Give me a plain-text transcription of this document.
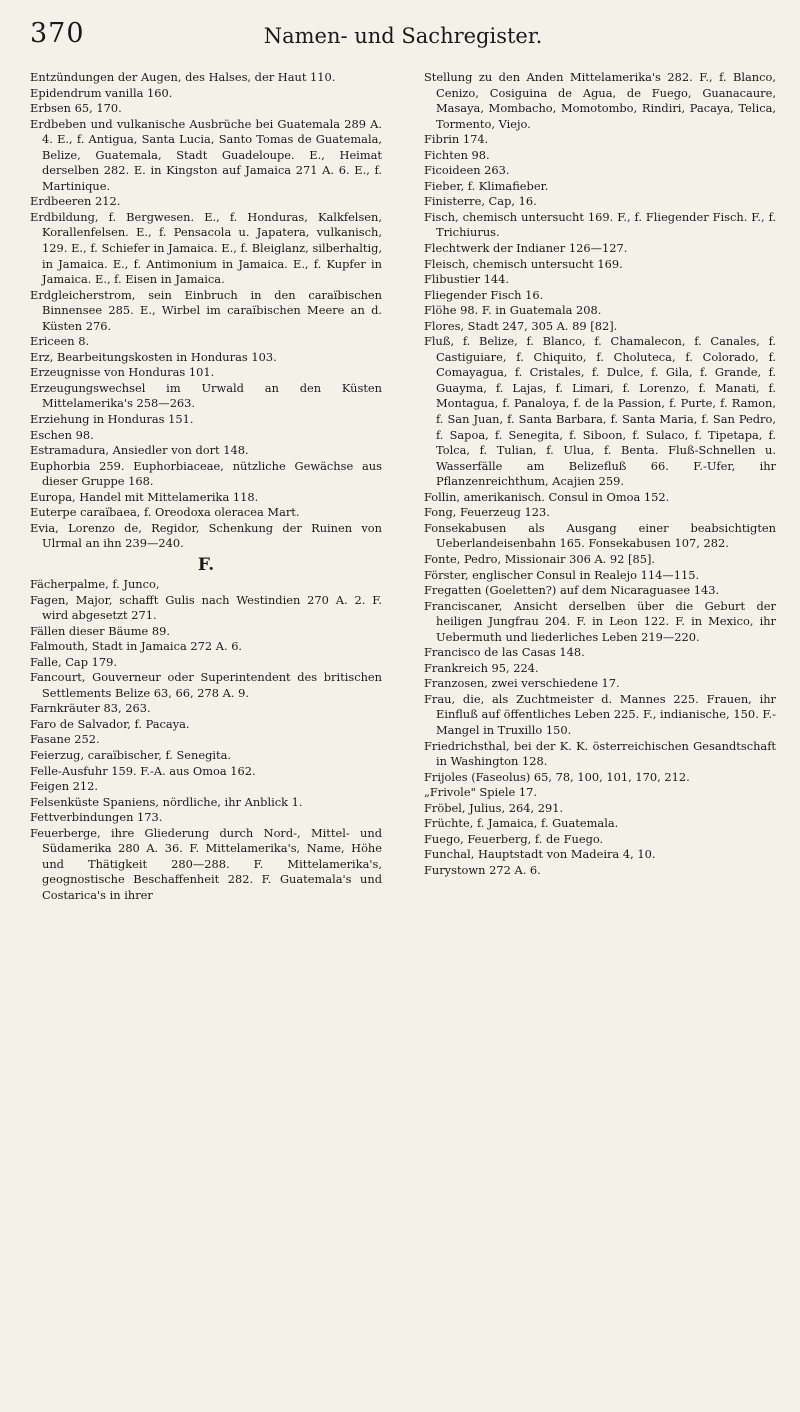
370	Namen- und Sachregister.

Entzündungen der Augen, des Halses, der Haut 110.

Epidendrum vanilla 160.

Erbsen 65, 170.

Erdbeben und vulkanische Ausbrüche bei Guatemala 289 A. 4. E., f. Antigua, Santa Lucia, Santo Tomas de Guatemala, Belize, Guatemala, Stadt Guadeloupe. E., Heimat derselben 282. E. in Kingston auf Jamaica 271 A. 6. E., f. Martinique.

Erdbeeren 212.

Erdbildung, f. Bergwesen. E., f. Honduras, Kalkfelsen, Korallenfelsen. E., f. Pensacola u. Japatera, vulkanisch, 129. E., f. Schiefer in Jamaica. E., f. Bleiglanz, silberhaltig, in Jamaica. E., f. Antimonium in Jamaica. E., f. Kupfer in Jamaica. E., f. Eisen in Jamaica.

Erdgleicherstrom, sein Einbruch in den caraïbischen Binnensee 285. E., Wirbel im caraïbischen Meere an d. Küsten 276.

Ericeen 8.

Erz, Bearbeitungskosten in Honduras 103.

Erzeugnisse von Honduras 101.

Erzeugungswechsel im Urwald an den Küsten Mittelamerika's 258—263.

Erziehung in Honduras 151.

Eschen 98.

Estramadura, Ansiedler von dort 148.

Euphorbia 259. Euphorbiaceae, nützliche Gewächse aus dieser Gruppe 168.

Europa, Handel mit Mittelamerika 118.

Euterpe caraïbaea, f. Oreodoxa oleracea Mart.

Evia, Lorenzo de, Regidor, Schenkung der Ruinen von Ulrmal an ihn 239—240.

F.

Fächerpalme, f. Junco,

Fagen, Major, schafft Gulis nach Westindien 270 A. 2. F. wird abgesetzt 271.

Fällen dieser Bäume 89.

Falmouth, Stadt in Jamaica 272 A. 6.

Falle, Cap 179.

Fancourt, Gouverneur oder Superintendent des britischen Settlements Belize 63, 66, 278 A. 9.

Farnkräuter 83, 263.

Faro de Salvador, f. Pacaya.

Fasane 252.

Feierzug, caraïbischer, f. Senegita.

Felle-Ausfuhr 159. F.-A. aus Omoa 162.

Feigen 212.

Felsenküste Spaniens, nördliche, ihr Anblick 1.

Fettverbindungen 173.

Feuerberge, ihre Gliederung durch Nord-, Mittel- und Südamerika 280 A. 36. F. Mittelamerika's, Name, Höhe und Thätigkeit 280—288. F. Mittelamerika's, geognostische Beschaffenheit 282. F. Guatemala's und Costarica's in ihrer

Stellung zu den Anden Mittelamerika's 282. F., f. Blanco, Cenizo, Cosiguina de Agua, de Fuego, Guanacaure, Masaya, Mombacho, Momotombo, Rindiri, Pacaya, Telica, Tormento, Viejo.

Fibrin 174.

Fichten 98.

Ficoideen 263.

Fieber, f. Klimafieber.

Finisterre, Cap, 16.

Fisch, chemisch untersucht 169. F., f. Fliegender Fisch. F., f. Trichiurus.

Flechtwerk der Indianer 126—127.

Fleisch, chemisch untersucht 169.

Flibustier 144.

Fliegender Fisch 16.

Flöhe 98. F. in Guatemala 208.

Flores, Stadt 247, 305 A. 89 [82].

Fluß, f. Belize, f. Blanco, f. Chamalecon, f. Canales, f. Castiguiare, f. Chiquito, f. Choluteca, f. Colorado, f. Comayagua, f. Cristales, f. Dulce, f. Gila, f. Grande, f. Guayma, f. Lajas, f. Limari, f. Lorenzo, f. Manati, f. Montagua, f. Panaloya, f. de la Passion, f. Purte, f. Ramon, f. San Juan, f. Santa Barbara, f. Santa Maria, f. San Pedro, f. Sapoa, f. Senegita, f. Siboon, f. Sulaco, f. Tipetapa, f. Tolca, f. Tulian, f. Ulua, f. Benta. Fluß-Schnellen u. Wasserfälle am Belizefluß 66. F.-Ufer, ihr Pflanzenreichthum, Acajien 259.

Follin, amerikanisch. Consul in Omoa 152.

Fong, Feuerzeug 123.

Fonsekabusen als Ausgang einer beabsichtigten Ueberlandeisenbahn 165. Fonsekabusen 107, 282.

Fonte, Pedro, Missionair 306 A. 92 [85].

Förster, englischer Consul in Realejo 114—115.

Fregatten (Goeletten?) auf dem Nicaraguasee 143.

Franciscaner, Ansicht derselben über die Geburt der heiligen Jungfrau 204. F. in Leon 122. F. in Mexico, ihr Uebermuth und liederliches Leben 219—220.

Francisco de las Casas 148.

Frankreich 95, 224.

Franzosen, zwei verschiedene 17.

Frau, die, als Zuchtmeister d. Mannes 225. Frauen, ihr Einfluß auf öffentliches Leben 225. F., indianische, 150. F.-Mangel in Truxillo 150.

Friedrichsthal, bei der K. K. österreichischen Gesandtschaft in Washington 128.

Frijoles (Faseolus) 65, 78, 100, 101, 170, 212.

„Frivole" Spiele 17.

Fröbel, Julius, 264, 291.

Früchte, f. Jamaica, f. Guatemala.

Fuego, Feuerberg, f. de Fuego.

Funchal, Hauptstadt von Madeira 4, 10.

Furystown 272 A. 6.
